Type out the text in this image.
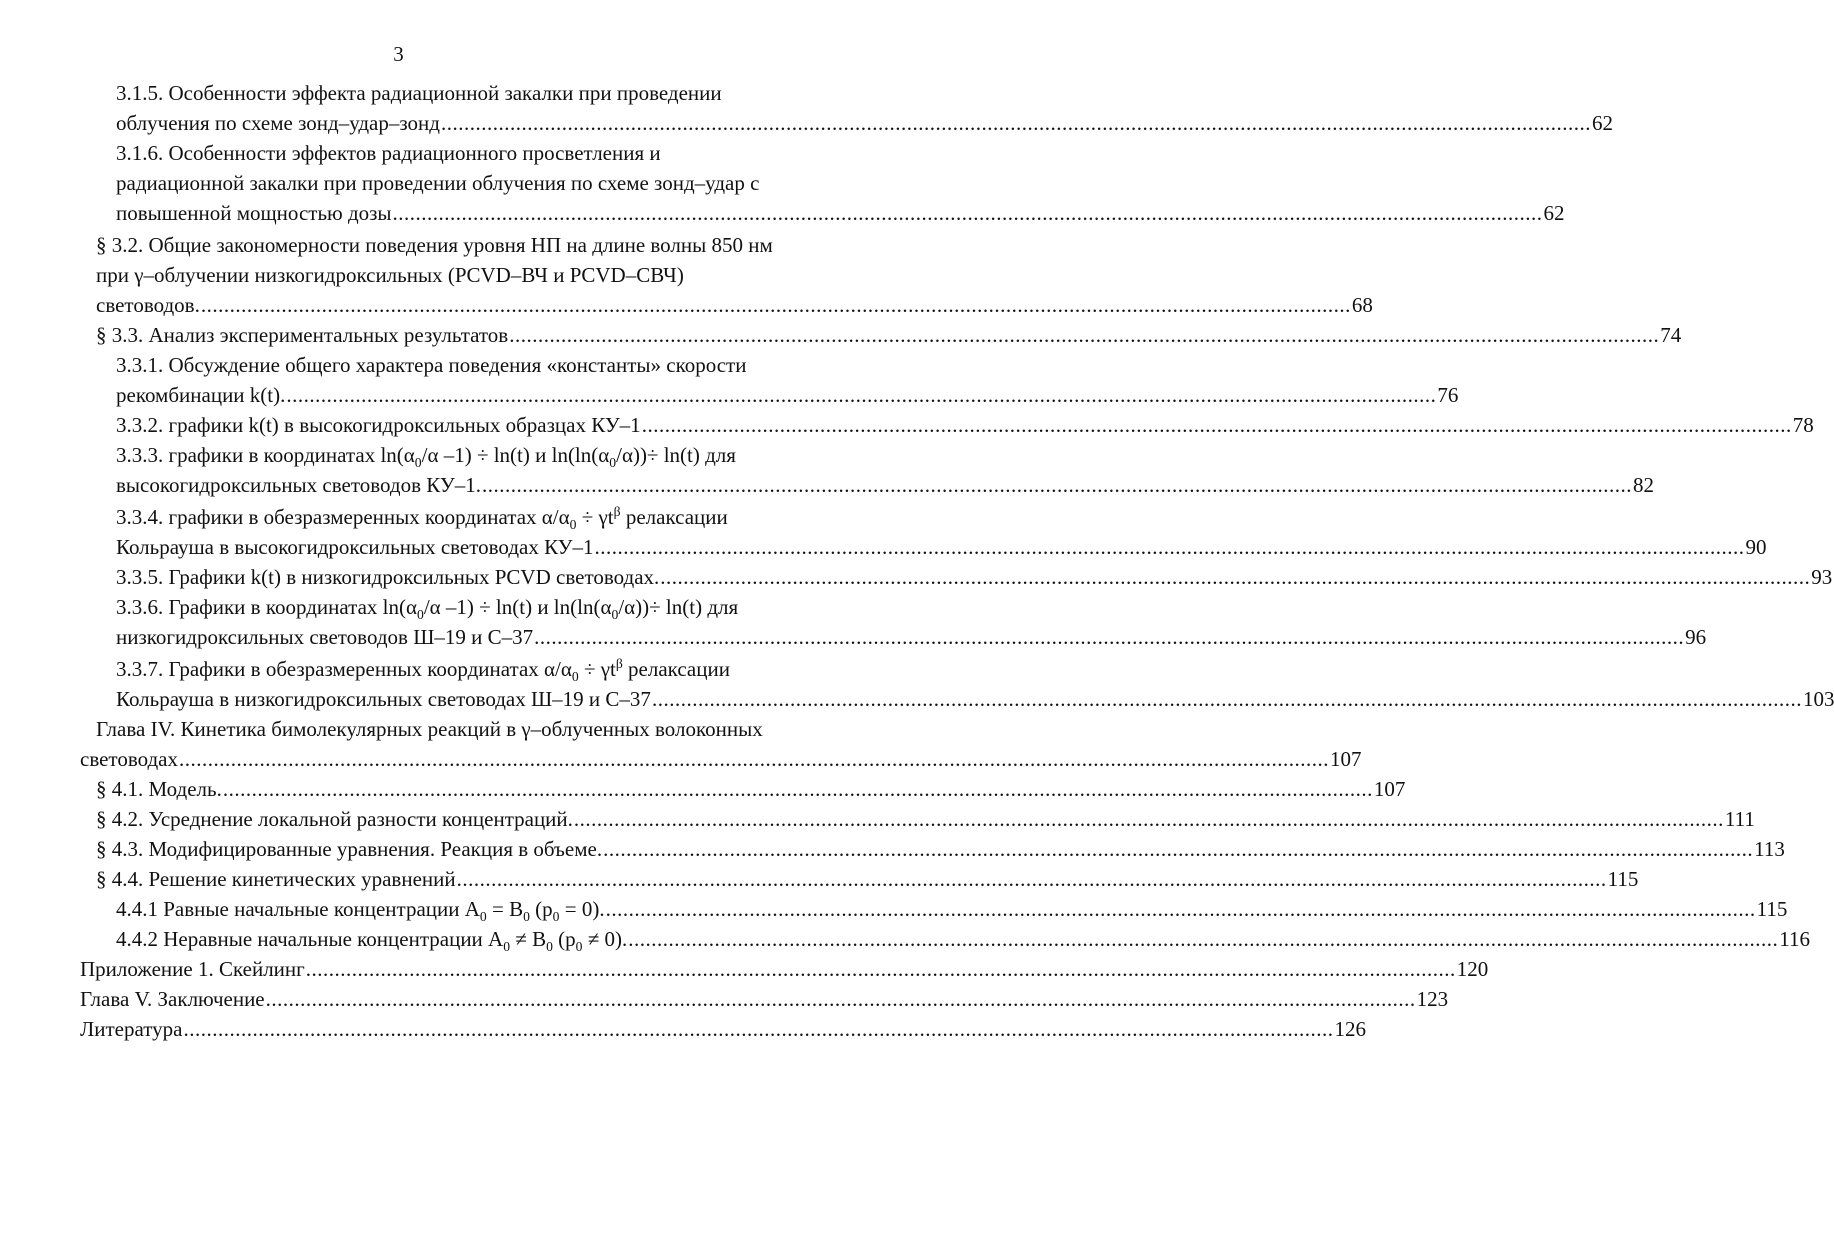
3
3.1.5. Особенности эффекта радиационной закалки при проведении
облучения по схеме зонд–удар–зонд ........................................................................................................................................................................................................ 62
3.1.6. Особенности эффектов радиационного просветления и
радиационной закалки при проведении облучения по схеме зонд–удар с
повышенной мощностью дозы ........................................................................................................................................................................................................ 62
§ 3.2. Общие закономерности поведения уровня НП на длине волны 850 нм
при γ–облучении низкогидроксильных (PCVD–ВЧ и PCVD–СВЧ)
световодов. ........................................................................................................................................................................................................ 68
§ 3.3. Анализ экспериментальных результатов ........................................................................................................................................................................................................ 74
3.3.1. Обсуждение общего характера поведения «константы» скорости
рекомбинации k(t). ........................................................................................................................................................................................................ 76
3.3.2. графики k(t) в высокогидроксильных образцах КУ–1 ........................................................................................................................................................................................................ 78
3.3.3. графики в координатах $\ln(\alpha_0/\alpha$ –1) ÷ ln(t) и $\ln(\ln(\alpha_0/\alpha))\div \ln(t)$ для
высокогидроксильных световодов КУ–1. ........................................................................................................................................................................................................ 82
3.3.4. графики в обезразмеренных координатах $\alpha/\alpha_0 \div \gamma t^\beta$ релаксации
Кольрауша в высокогидроксильных световодах КУ–1 ........................................................................................................................................................................................................ 90
3.3.5. Графики k(t) в низкогидроксильных PCVD световодах. ........................................................................................................................................................................................................ 93
3.3.6. Графики в координатах $\ln(\alpha_0/\alpha$ –1) ÷ ln(t) и $\ln(\ln(\alpha_0/\alpha))\div \ln(t)$ для
низкогидроксильных световодов Ш–19 и С–37 ........................................................................................................................................................................................................ 96
3.3.7. Графики в обезразмеренных координатах $\alpha/\alpha_0 \div \gamma t^\beta$ релаксации
Кольрауша в низкогидроксильных световодах Ш–19 и С–37 ........................................................................................................................................................................................................ 103
Глава IV. Кинетика бимолекулярных реакций в γ–облученных волоконных
световодах ........................................................................................................................................................................................................ 107
§ 4.1. Модель. ........................................................................................................................................................................................................ 107
§ 4.2. Усреднение локальной разности концентраций. ........................................................................................................................................................................................................ 111
§ 4.3. Модифицированные уравнения. Реакция в объеме. ........................................................................................................................................................................................................ 113
§ 4.4. Решение кинетических уравнений ........................................................................................................................................................................................................ 115
4.4.1 Равные начальные концентрации $A_0 = B_0$ $(p_0 = 0)$. ........................................................................................................................................................................................................ 115
4.4.2 Неравные начальные концентрации $A_0 \ne B_0$ $(p_0 \ne 0)$. ........................................................................................................................................................................................................ 116
Приложение 1. Скейлинг ........................................................................................................................................................................................................ 120
Глава V. Заключение ........................................................................................................................................................................................................ 123
Литература ........................................................................................................................................................................................................ 126
